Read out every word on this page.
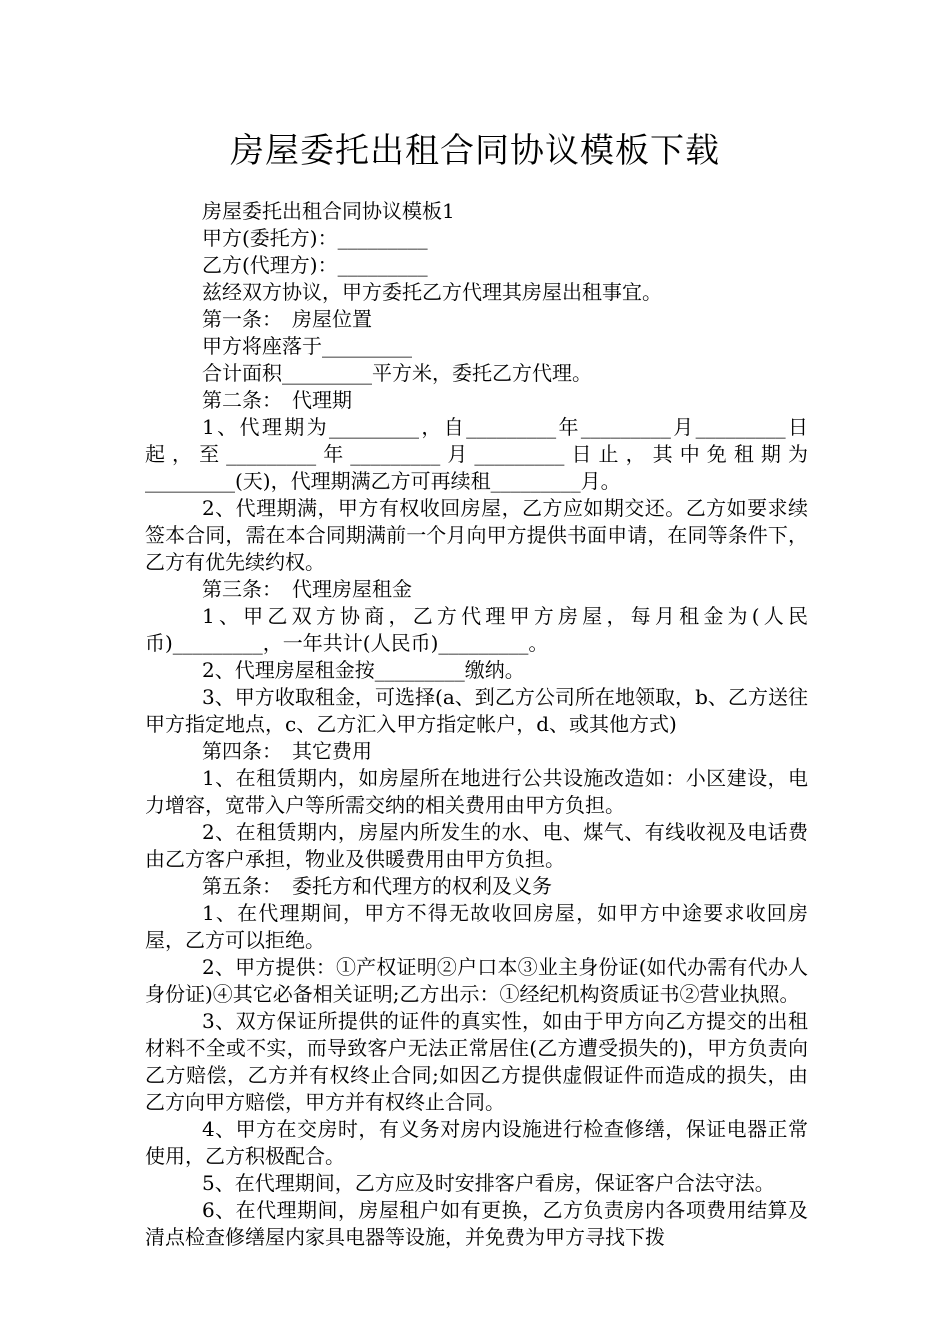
房屋委托出租合同协议模板下载

房屋委托出租合同协议模板1

甲方(委托方)：_________

乙方(代理方)：_________

兹经双方协议，甲方委托乙方代理其房屋出租事宜。

第一条：　房屋位置

甲方将座落于_________

合计面积_________平方米，委托乙方代理。

第二条：　代理期

1、代理期为_________，自_________年_________月_________日起，至_________年_________月_________日止，其中免租期为_________(天)，代理期满乙方可再续租_________月。

2、代理期满，甲方有权收回房屋，乙方应如期交还。乙方如要求续签本合同，需在本合同期满前一个月向甲方提供书面申请，在同等条件下，乙方有优先续约权。

第三条：　代理房屋租金

1、甲乙双方协商，乙方代理甲方房屋，每月租金为(人民币)_________，一年共计(人民币)_________。

2、代理房屋租金按_________缴纳。

3、甲方收取租金，可选择(a、到乙方公司所在地领取，b、乙方送往甲方指定地点，c、乙方汇入甲方指定帐户，d、或其他方式)

第四条：　其它费用

1、在租赁期内，如房屋所在地进行公共设施改造如：小区建设，电力增容，宽带入户等所需交纳的相关费用由甲方负担。

2、在租赁期内，房屋内所发生的水、电、煤气、有线收视及电话费由乙方客户承担，物业及供暖费用由甲方负担。

第五条：　委托方和代理方的权利及义务

1、在代理期间，甲方不得无故收回房屋，如甲方中途要求收回房屋，乙方可以拒绝。

2、甲方提供：①产权证明②户口本③业主身份证(如代办需有代办人身份证)④其它必备相关证明;乙方出示：①经纪机构资质证书②营业执照。

3、双方保证所提供的证件的真实性，如由于甲方向乙方提交的出租材料不全或不实，而导致客户无法正常居住(乙方遭受损失的)，甲方负责向乙方赔偿，乙方并有权终止合同;如因乙方提供虚假证件而造成的损失，由乙方向甲方赔偿，甲方并有权终止合同。

4、甲方在交房时，有义务对房内设施进行检查修缮，保证电器正常使用，乙方积极配合。

5、在代理期间，乙方应及时安排客户看房，保证客户合法守法。

6、在代理期间，房屋租户如有更换，乙方负责房内各项费用结算及清点检查修缮屋内家具电器等设施，并免费为甲方寻找下拨
